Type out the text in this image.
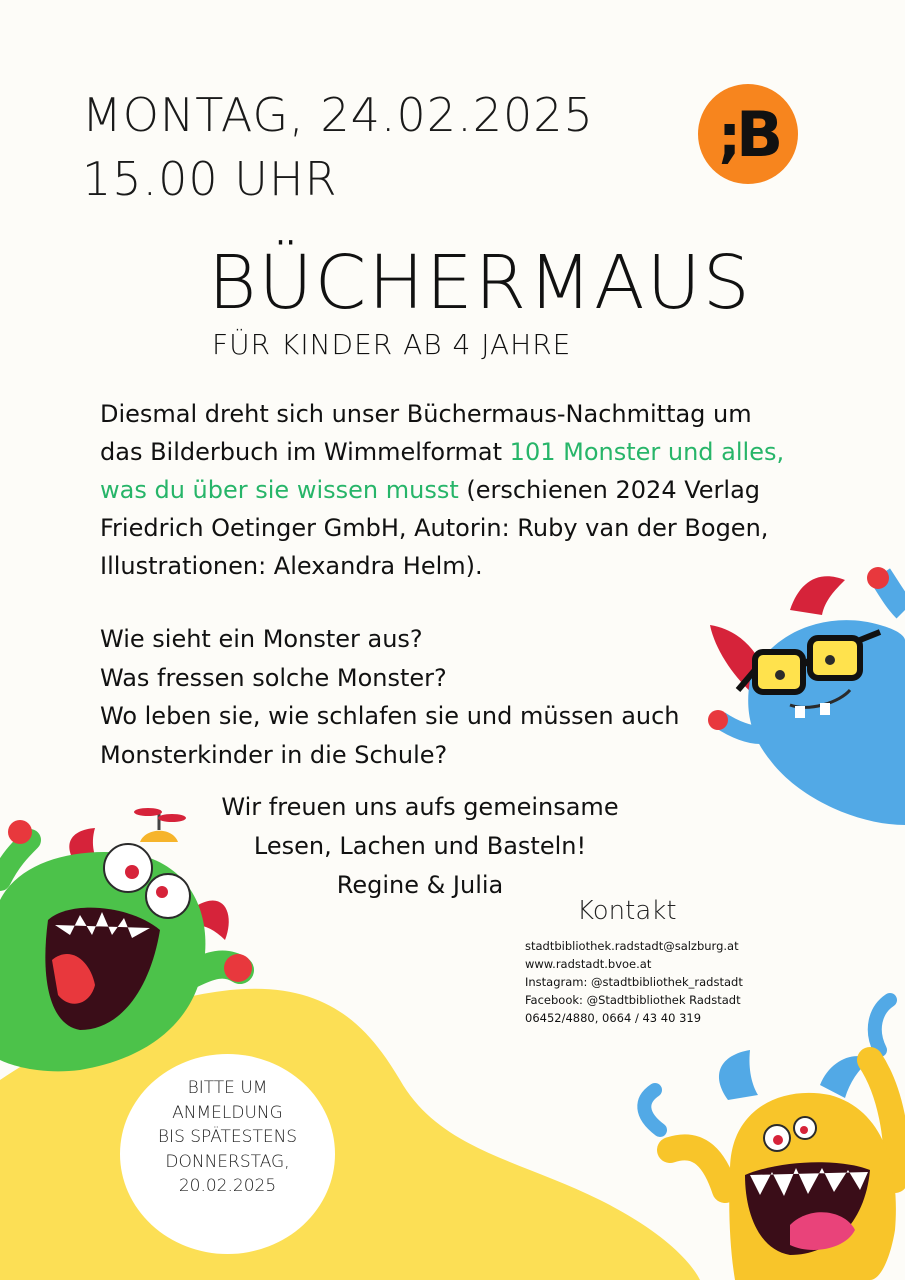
MONTAG, 24.02.2025
15.00 UHR
;
B
BÜCHERMAUS
FÜR KINDER AB 4 JAHRE
Diesmal dreht sich unser Büchermaus-Nachmittag um das Bilderbuch im Wimmelformat 101 Monster und alles, was du über sie wissen musst (erschienen 2024 Verlag Friedrich Oetinger GmbH, Autorin: Ruby van der Bogen, Illustrationen: Alexandra Helm).
Wie sieht ein Monster aus?
Was fressen solche Monster?
Wo leben sie, wie schlafen sie und müssen auch Monsterkinder in die Schule?
Wir freuen uns aufs gemeinsame
Lesen, Lachen und Basteln!
Regine & Julia
Kontakt
stadtbibliothek.radstadt@salzburg.at
www.radstadt.bvoe.at
Instagram: @stadtbibliothek_radstadt
Facebook: @Stadtbibliothek Radstadt
06452/4880, 0664 / 43 40 319
BITTE UM
ANMELDUNG
BIS SPÄTESTENS
DONNERSTAG,
20.02.2025
